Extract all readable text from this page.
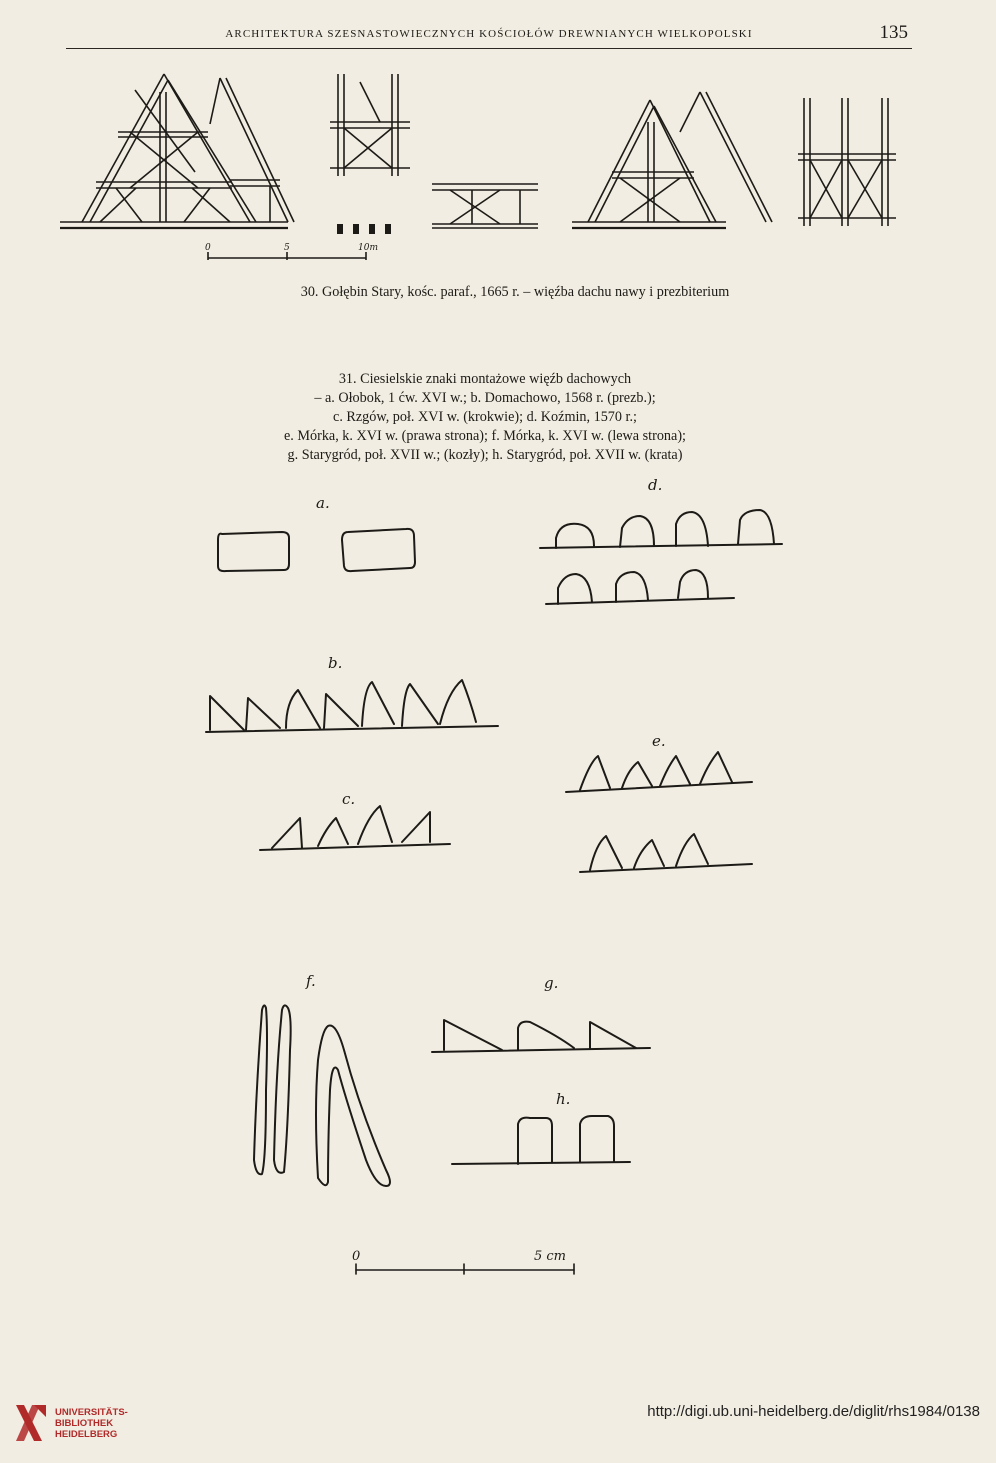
ARCHITEKTURA SZESNASTOWIECZNYCH KOŚCIOŁÓW DREWNIANYCH WIELKOPOLSKI	135
0	5	10m
30. Gołębin Stary, kośc. paraf., 1665 r. – więźba dachu nawy i prezbiterium
31. Ciesielskie znaki montażowe więźb dachowych
– a. Ołobok, 1 ćw. XVI w.; b. Domachowo, 1568 r. (prezb.);
c. Rzgów, poł. XVI w. (krokwie); d. Koźmin, 1570 r.;
e. Mórka, k. XVI w. (prawa strona); f. Mórka, k. XVI w. (lewa strona);
g. Starygród, poł. XVII w.; (kozły); h. Starygród, poł. XVII w. (krata)
a.
d.
b.
e.
c.
f.	g.
h.
0	5 cm
UNIVERSITÄTS-
BIBLIOTHEK
HEIDELBERG
http://digi.ub.uni-heidelberg.de/diglit/rhs1984/0138
